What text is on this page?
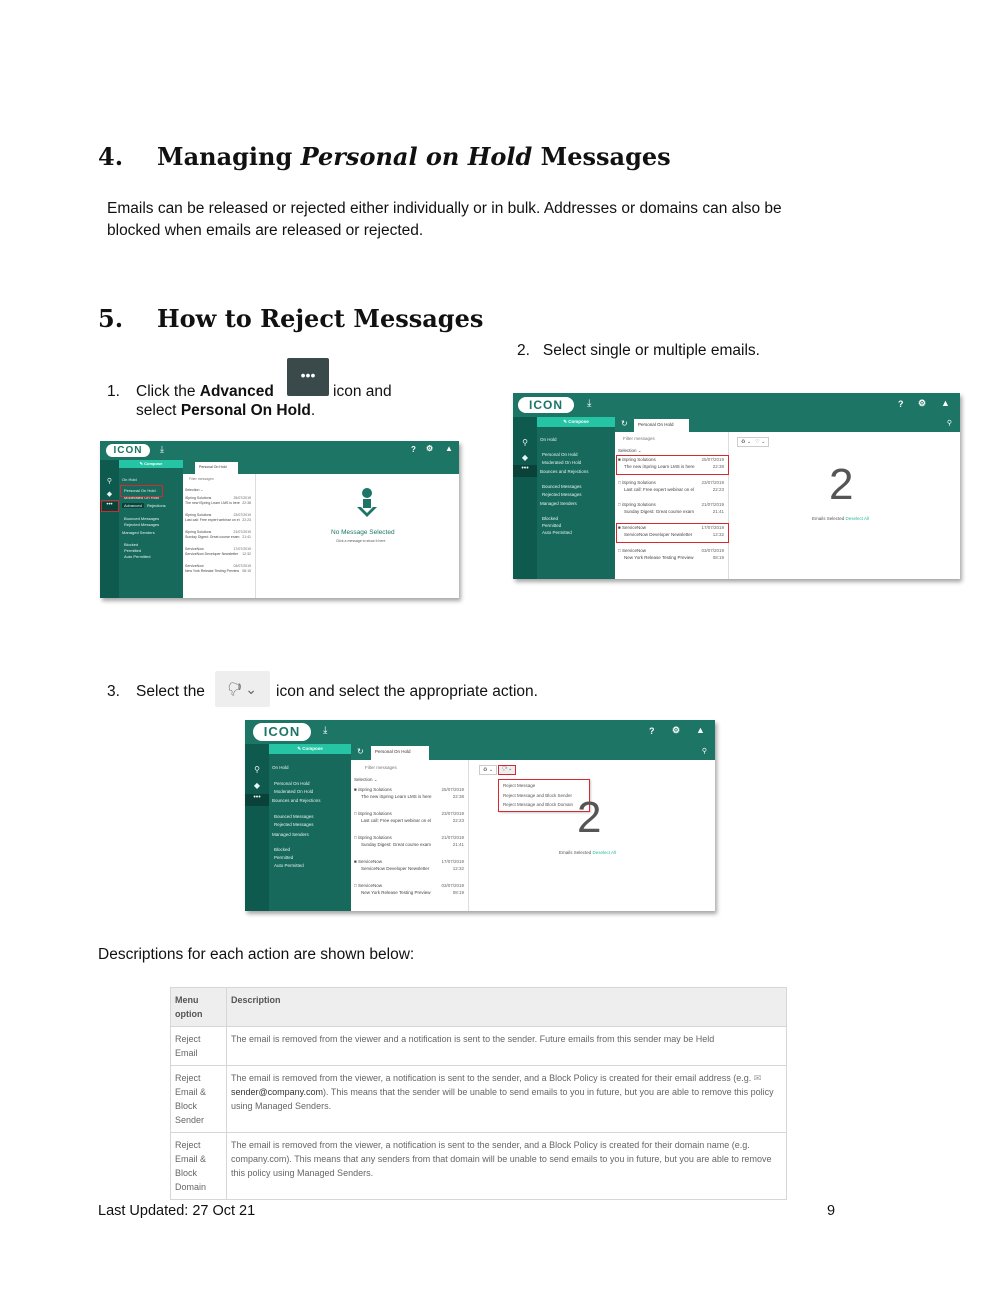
4. Managing Personal on Hold Messages
Emails can be released or rejected either individually or in bulk. Addresses or domains can also be
blocked when emails are released or rejected.
5. How to Reject Messages
2. Select single or multiple emails.
1. Click the Advanced	icon and
select Personal On Hold.
•••
ICON	⤓	? ⚙ ▲
⚲
◆
•••
✎ Compose
On Hold
Personal On Hold
Moderated On Hold
Advanced	Rejections
Bounced Messages
Rejected Messages
Managed Senders
Blocked
Permitted
Auto Permitted
Personal On Hold
Filter messages
Selection ⌄
iSpring Solutions
The new iSpring Learn LMS is here
25/07/2019
22:38
iSpring Solutions
Last call: Free expert webinar on el
23/07/2019
22:23
iSpring Solutions
Sunday Digest: Great course exam
21/07/2019
21:41
ServiceNow
ServiceNow Developer Newsletter
17/07/2019
12:32
ServiceNow
New York Release Testing Preview
03/07/2019
08:19
No Message Selected
Click a message to show it here
ICON	⤓	? ⚙ ▲
⚲
◆
•••
✎ Compose
On Hold
Personal On Hold
Moderated On Hold
Bounces and Rejections
Bounced Messages
Rejected Messages
Managed Senders
Blocked
Permitted
Auto Permitted
↻	Personal On Hold	⚲
Filter messages
Selection ⌄
■ iSpring Solutions
The new iSpring Learn LMS is here
25/07/2019
22:38
□ iSpring Solutions
Last call: Free expert webinar on el
23/07/2019
22:23
□ iSpring Solutions
Sunday Digest: Great course exam
21/07/2019
21:41
■ ServiceNow
ServiceNow Developer Newsletter
17/07/2019
12:32
□ ServiceNow
New York Release Testing Preview
03/07/2019
08:19
♻ ⌄   ♡ ⌄
2
Emails Selected Deselect All
3. Select the	icon and select the appropriate action.
🖓 ⌄
ICON	⤓	? ⚙ ▲
⚲
◆
•••
✎ Compose
On Hold
Personal On Hold
Moderated On Hold
Bounces and Rejections
Bounced Messages
Rejected Messages
Managed Senders
Blocked
Permitted
Auto Permitted
↻	Personal On Hold	⚲
Filter messages
Selection ⌄
■ iSpring Solutions
The new iSpring Learn LMS is here
25/07/2019
22:38
□ iSpring Solutions
Last call: Free expert webinar on el
23/07/2019
22:23
□ iSpring Solutions
Sunday Digest: Great course exam
21/07/2019
21:41
■ ServiceNow
ServiceNow Developer Newsletter
17/07/2019
12:32
□ ServiceNow
New York Release Testing Preview
03/07/2019
08:19
♻ ⌄	🖓 ⌄
Reject Message
Reject Message and Block Sender
Reject Message and Block Domain 2
Emails Selected Deselect All
Descriptions for each action are shown below:
Menu option	Description
Reject Email	The email is removed from the viewer and a notification is sent to the sender. Future emails from this sender may be Held
Reject Email & Block Sender	The email is removed from the viewer, a notification is sent to the sender, and a Block Policy is created for their email address (e.g. ✉sender@company.com). This means that the sender will be unable to send emails to you in future, but you are able to remove this policy using Managed Senders.
Reject Email & Block Domain	The email is removed from the viewer, a notification is sent to the sender, and a Block Policy is created for their domain name (e.g. company.com). This means that any senders from that domain will be unable to send emails to you in future, but you are able to remove this policy using Managed Senders.
Last Updated: 27 Oct 21	9
